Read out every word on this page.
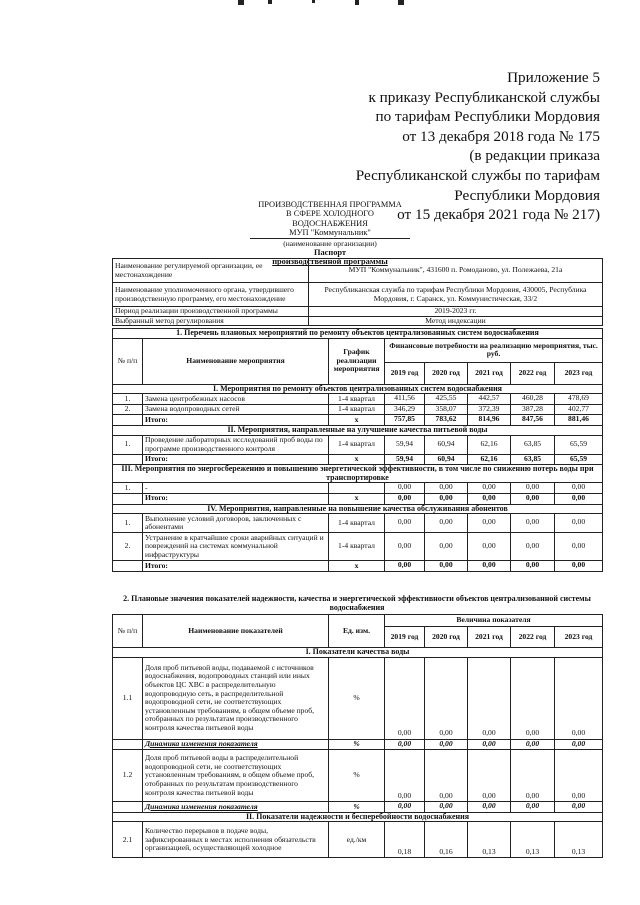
Приложение 5
к приказу Республиканской службы
по тарифам Республики Мордовия
от 13 декабря 2018 года № 175
(в редакции приказа
Республиканской службы по тарифам
Республики Мордовия
от 15 декабря 2021 года № 217)
ПРОИЗВОДСТВЕННАЯ ПРОГРАММА
В СФЕРЕ ХОЛОДНОГО ВОДОСНАБЖЕНИЯ
МУП "Коммунальник"
(наименование организации)
Паспорт
производственной программы
Наименование регулируемой организации, ее местонахождение	МУП "Коммунальник", 431600 п. Ромоданово, ул. Полежаева, 21а
Наименование уполномоченного органа, утвердившего производственную программу, его местонахождение	Республиканская служба по тарифам Республики Мордовия, 430005, Республика Мордовия, г. Саранск, ул. Коммунистическая, 33/2
Период реализации производственной программы	2019-2023 гг.
Выбранный метод регулирования	Метод индексации
1. Перечень плановых мероприятий по ремонту объектов централизованных систем водоснабжения							
№ п/п	Наименование мероприятия	График реализации мероприятия	Финансовые потребности на реализацию мероприятия, тыс. руб.				
			2019 год	2020 год	2021 год	2022 год	2023 год
I. Мероприятия по ремонту объектов централизованных систем водоснабжения							
1.	Замена центробежных насосов	1-4 квартал	411,56	425,55	442,57	460,28	478,69
2.	Замена водопроводных сетей	1-4 квартал	346,29	358,07	372,39	387,28	402,77
	Итого:	х	757,85	783,62	814,96	847,56	881,46
II. Мероприятия, направленные на улучшение качества питьевой воды							
1.	Проведение лабораторных исследований проб воды по программе производственного контроля	1-4 квартал	59,94	60,94	62,16	63,85	65,59
	Итого:	х	59,94	60,94	62,16	63,85	65,59
III. Мероприятия по энергосбережению и повышению энергетической эффективности, в том числе по снижению потерь воды при транспортировке							
1.	-		0,00	0,00	0,00	0,00	0,00
	Итого:	х	0,00	0,00	0,00	0,00	0,00
IV. Мероприятия, направленные на повышение качества обслуживания абонентов							
1.	Выполнение условий договоров, заключенных с абонентами	1-4 квартал	0,00	0,00	0,00	0,00	0,00
2.	Устранение в кратчайшие сроки аварийных ситуаций и повреждений на системах коммунальной инфраструктуры	1-4 квартал	0,00	0,00	0,00	0,00	0,00
	Итого:	х	0,00	0,00	0,00	0,00	0,00
2. Плановые значения показателей надежности, качества и энергетической эффективности объектов централизованной системы водоснабжения
№ п/п	Наименование показателей	Ед. изм.	Величина показателя				
			2019 год	2020 год	2021 год	2022 год	2023 год
I. Показатели качества воды							
1.1	Доля проб питьевой воды, подаваемой с источников водоснабжения, водопроводных станций или иных объектов ЦС ХВС в распределительную водопроводную сеть, в распределительной водопроводной сети, не соответствующих установленным требованиям, в общем объеме проб, отобранных по результатам производственного контроля качества питьевой воды	%	0,00	0,00	0,00	0,00	0,00
	Динамика изменения показателя	%	0,00	0,00	0,00	0,00	0,00
1.2	Доля проб питьевой воды в распределительной водопроводной сети, не соответствующих установленным требованиям, в общем объеме проб, отобранных по результатам производственного контроля качества питьевой воды	%	0,00	0,00	0,00	0,00	0,00
	Динамика изменения показателя	%	0,00	0,00	0,00	0,00	0,00
II. Показатели надежности и бесперебойности водоснабжения							
2.1	Количество перерывов в подаче воды, зафиксированных в местах исполнения обязательств организацией, осуществляющей холодное	ед./км	0,18	0,16	0,13	0,13	0,13
